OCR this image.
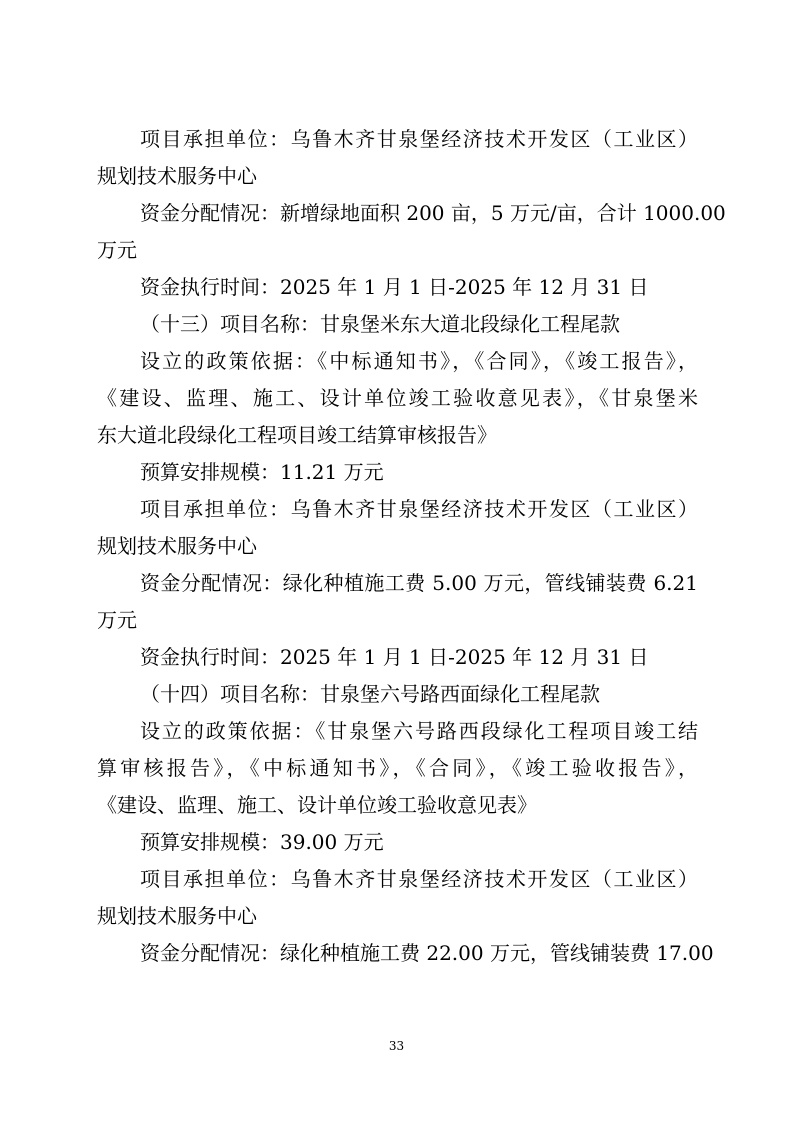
项目承担单位：乌鲁木齐甘泉堡经济技术开发区（工业区）
规划技术服务中心
资金分配情况：新增绿地面积 200 亩，5 万元/亩，合计 1000.00
万元
资金执行时间：2025 年 1 月 1 日-2025 年 12 月 31 日
（十三）项目名称：甘泉堡米东大道北段绿化工程尾款
设立的政策依据：《中标通知书》，《合同》，《竣工报告》，
《建设、监理、施工、设计单位竣工验收意见表》，《甘泉堡米
东大道北段绿化工程项目竣工结算审核报告》
预算安排规模：11.21 万元
项目承担单位：乌鲁木齐甘泉堡经济技术开发区（工业区）
规划技术服务中心
资金分配情况：绿化种植施工费 5.00 万元，管线铺装费 6.21
万元
资金执行时间：2025 年 1 月 1 日-2025 年 12 月 31 日
（十四）项目名称：甘泉堡六号路西面绿化工程尾款
设立的政策依据：《甘泉堡六号路西段绿化工程项目竣工结
算审核报告》，《中标通知书》，《合同》，《竣工验收报告》，
《建设、监理、施工、设计单位竣工验收意见表》
预算安排规模：39.00 万元
项目承担单位：乌鲁木齐甘泉堡经济技术开发区（工业区）
规划技术服务中心
资金分配情况：绿化种植施工费 22.00 万元，管线铺装费 17.00
33
